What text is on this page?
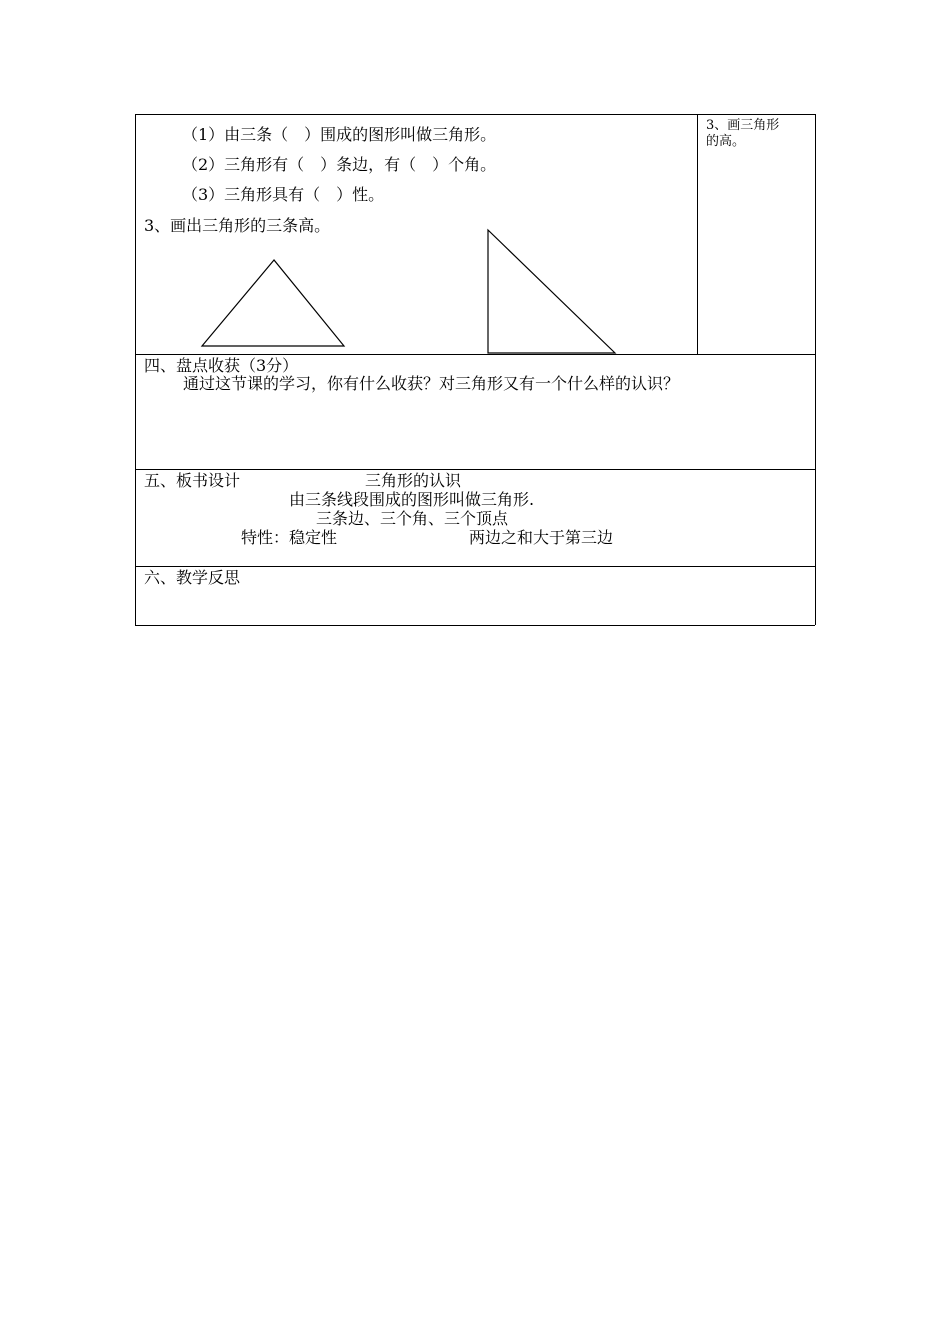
（1）由三条（　）围成的图形叫做三角形。
（2）三角形有（　）条边，有（　）个角。
（3）三角形具有（　）性。
3、画出三角形的三条高。
3、画三角形
的高。
四、盘点收获（3分）
通过这节课的学习，你有什么收获？对三角形又有一个什么样的认识？
五、板书设计	三角形的认识
由三条线段围成的图形叫做三角形.
三条边、三个角、三个顶点
特性：稳定性	两边之和大于第三边
六、教学反思
